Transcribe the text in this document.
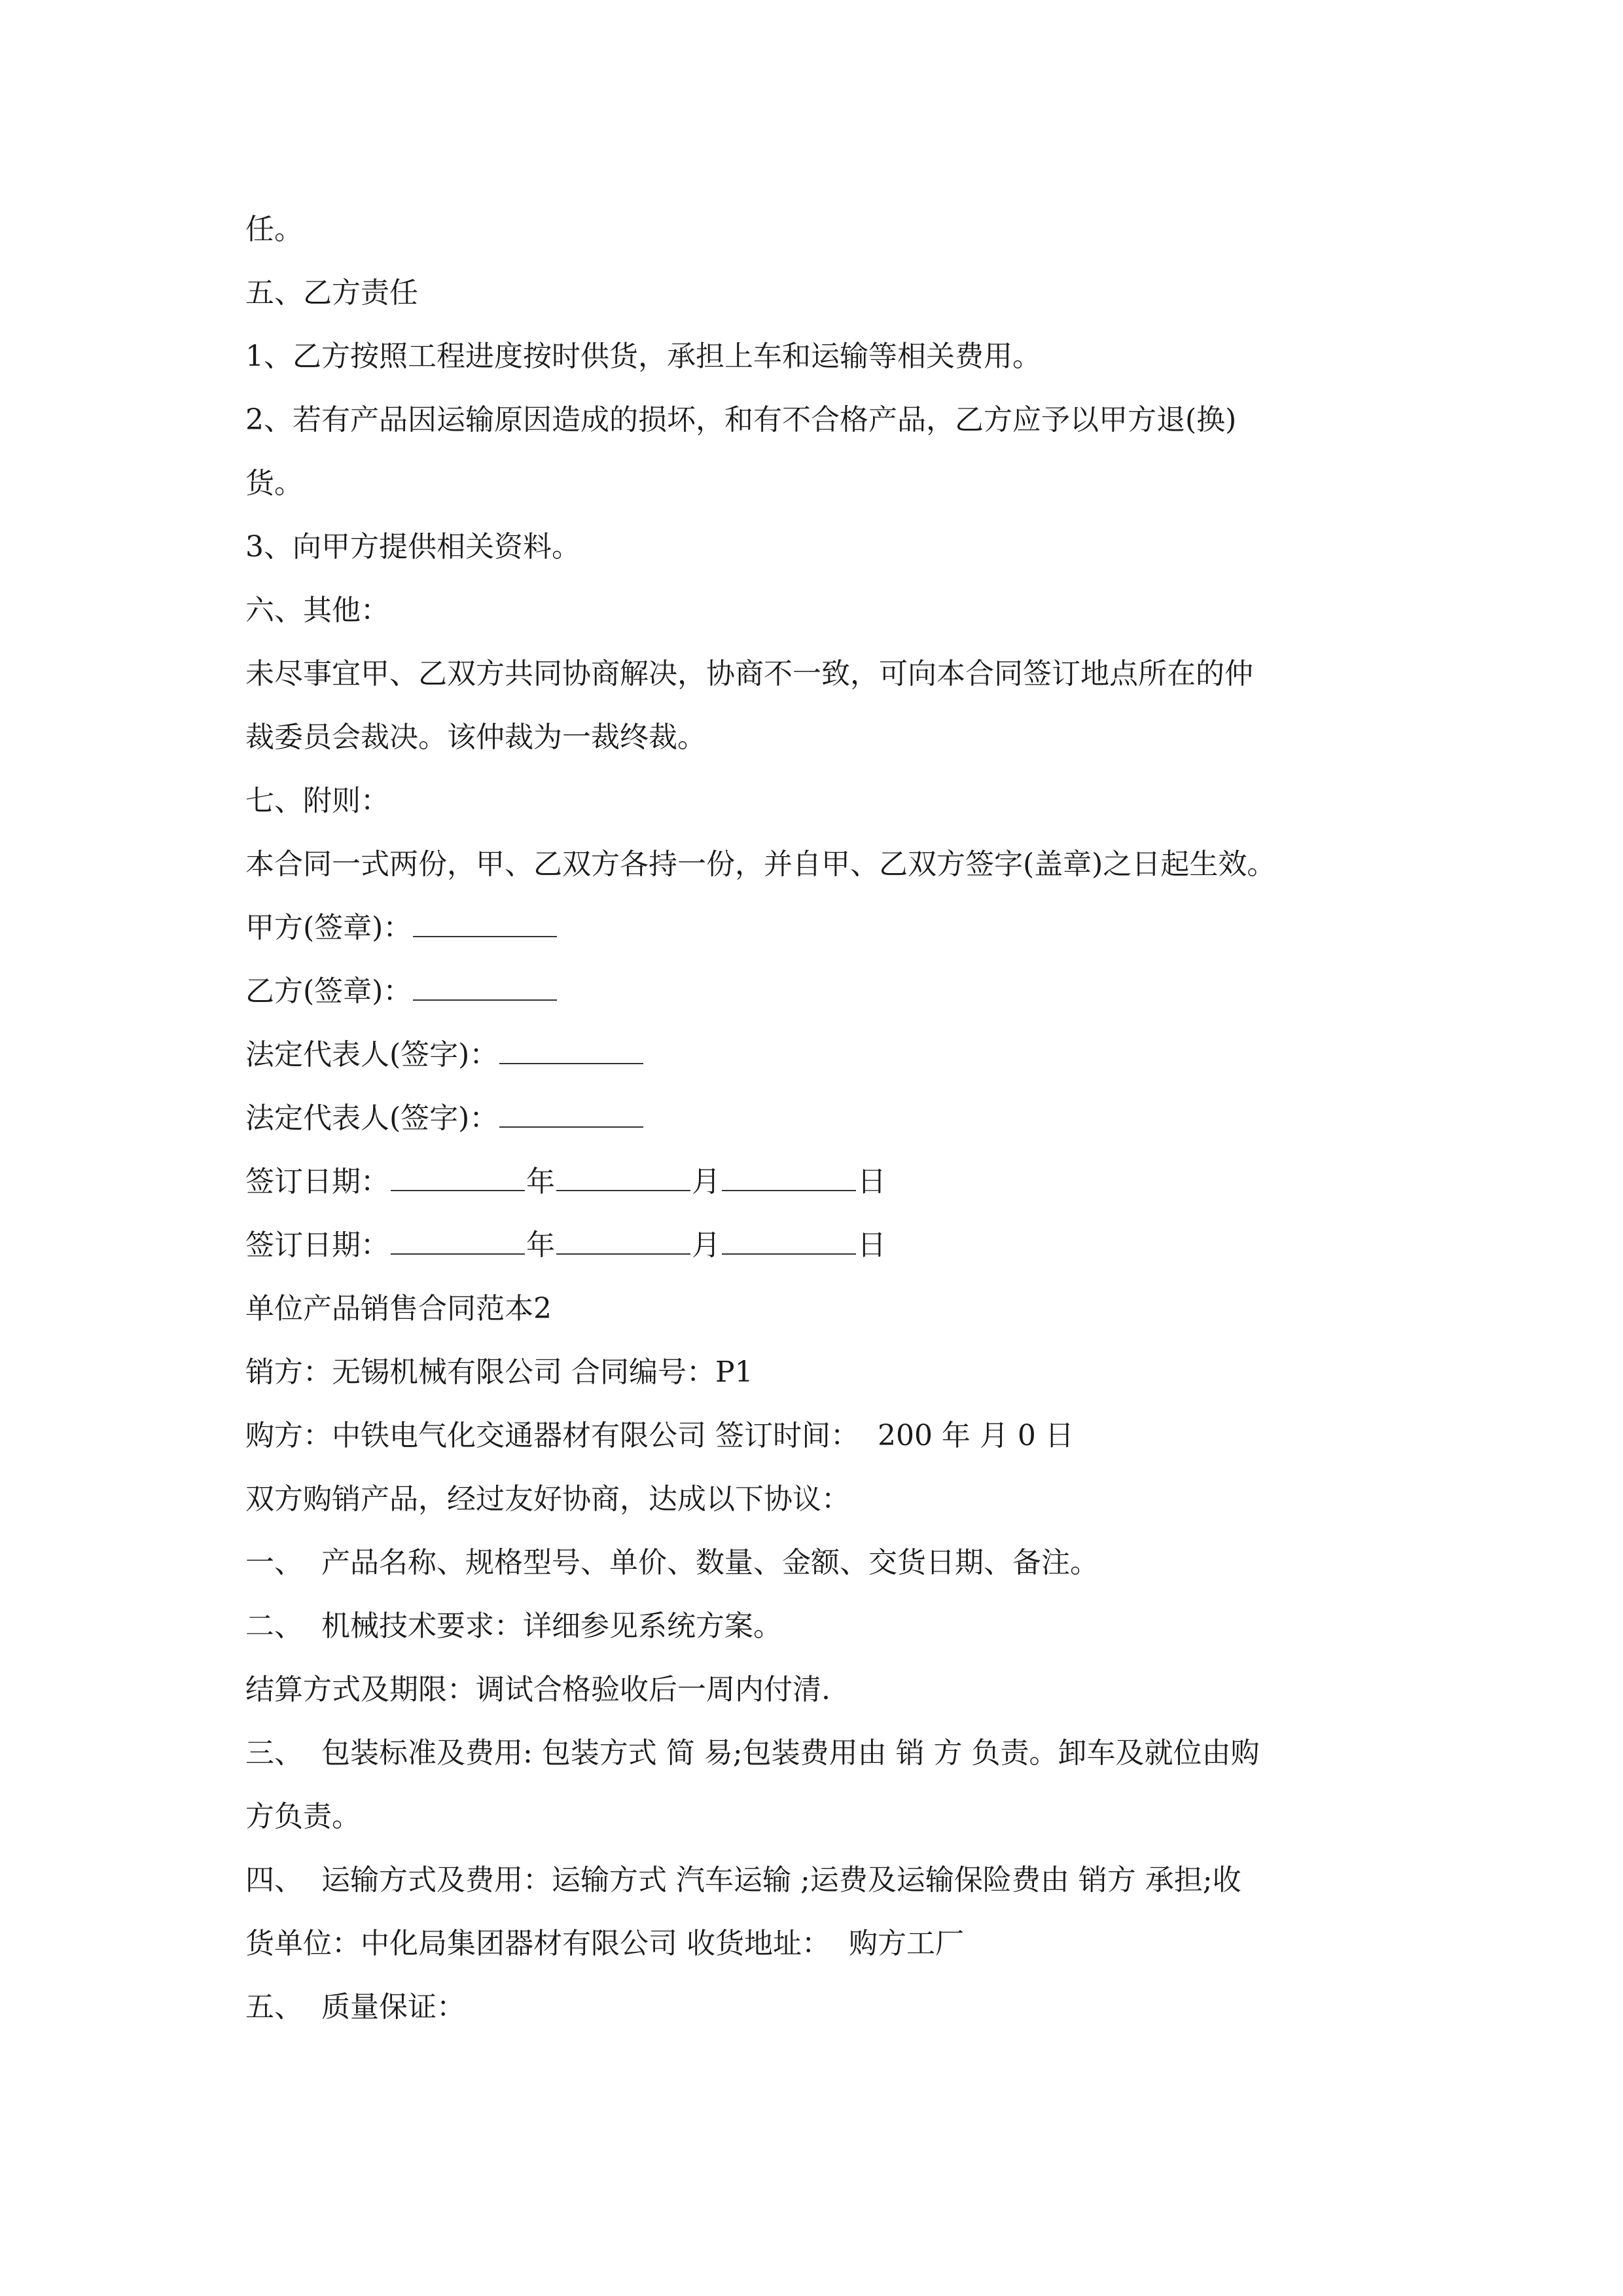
任。
五、乙方责任
1、乙方按照工程进度按时供货，承担上车和运输等相关费用。
2、若有产品因运输原因造成的损坏，和有不合格产品，乙方应予以甲方退(换)
货。
3、向甲方提供相关资料。
六、其他：
未尽事宜甲、乙双方共同协商解决，协商不一致，可向本合同签订地点所在的仲
裁委员会裁决。该仲裁为一裁终裁。
七、附则：
本合同一式两份，甲、乙双方各持一份，并自甲、乙双方签字(盖章)之日起生效。
甲方(签章)：
乙方(签章)：
法定代表人(签字)：
法定代表人(签字)：
签订日期：	年	月	日
签订日期：	年	月	日
单位产品销售合同范本2
销方：无锡机械有限公司 合同编号：P1
购方：中铁电气化交通器材有限公司 签订时间：  200 年 月 0 日
双方购销产品，经过友好协商，达成以下协议：
一、  产品名称、规格型号、单价、数量、金额、交货日期、备注。
二、  机械技术要求：详细参见系统方案。
结算方式及期限：调试合格验收后一周内付清.
三、  包装标准及费用: 包装方式 简 易;包装费用由 销 方 负责。卸车及就位由购
方负责。
四、  运输方式及费用：运输方式 汽车运输 ;运费及运输保险费由 销方 承担;收
货单位：中化局集团器材有限公司 收货地址：  购方工厂
五、  质量保证：
